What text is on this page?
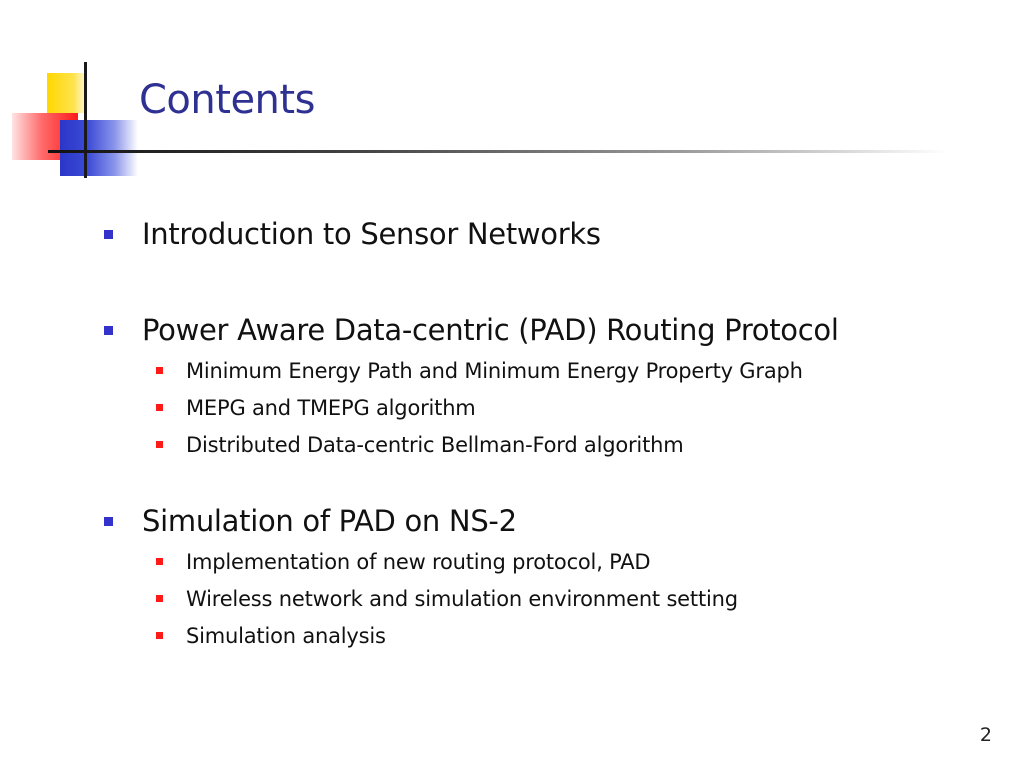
Contents
Introduction to Sensor Networks
Power Aware Data-centric (PAD) Routing Protocol
Minimum Energy Path and Minimum Energy Property Graph
MEPG and TMEPG algorithm
Distributed Data-centric Bellman-Ford algorithm
Simulation of PAD on NS-2
Implementation of new routing protocol, PAD
Wireless network and simulation environment setting
Simulation analysis
2
